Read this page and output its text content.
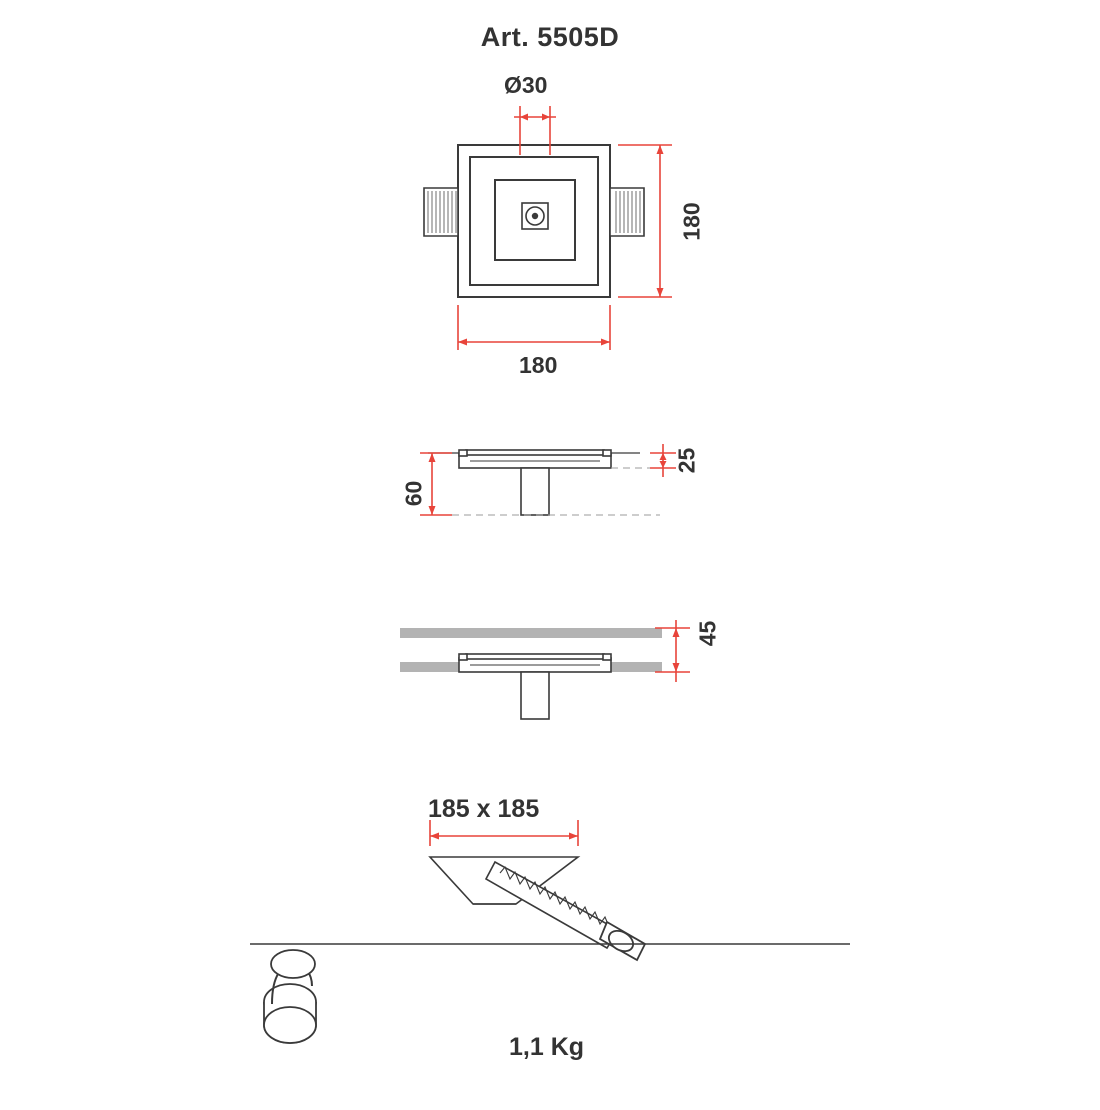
Art. 5505D
Ø30
180
180
25
60
45
185 x 185
1,1 Kg
